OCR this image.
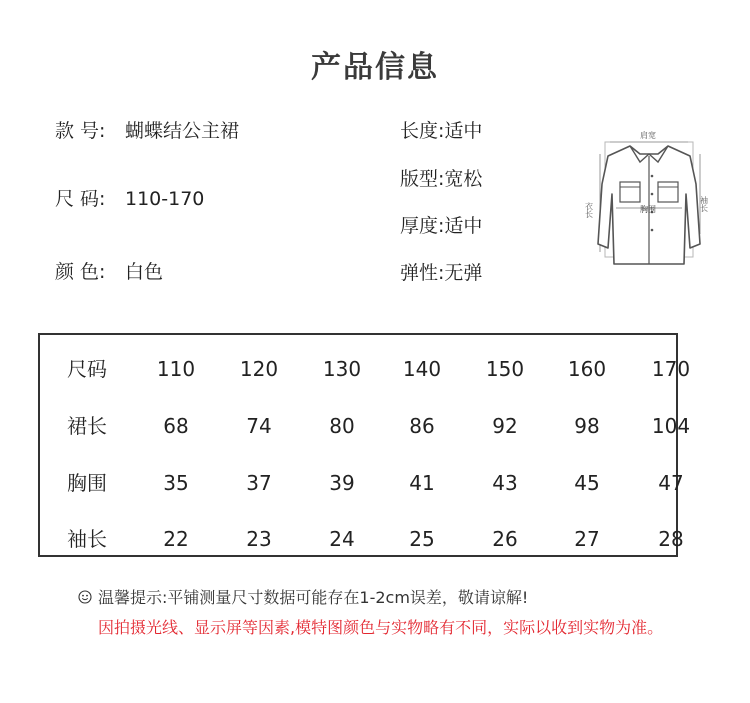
产品信息
款 号: 蝴蝶结公主裙
尺 码: 110-170
颜 色: 白色
长度:适中
版型:宽松
厚度:适中
弹性:无弹
肩宽
胸围
衣长	袖长
尺码 110 120 130 140 150 160 170
裙长	68	74	80	86	92	98	104
胸围	35	37	39	41	43	45	47
袖长	22	23	24	25	26	27	28
温馨提示:平铺测量尺寸数据可能存在1-2cm误差，敬请谅解!
因拍摄光线、显示屏等因素,模特图颜色与实物略有不同，实际以收到实物为准。
